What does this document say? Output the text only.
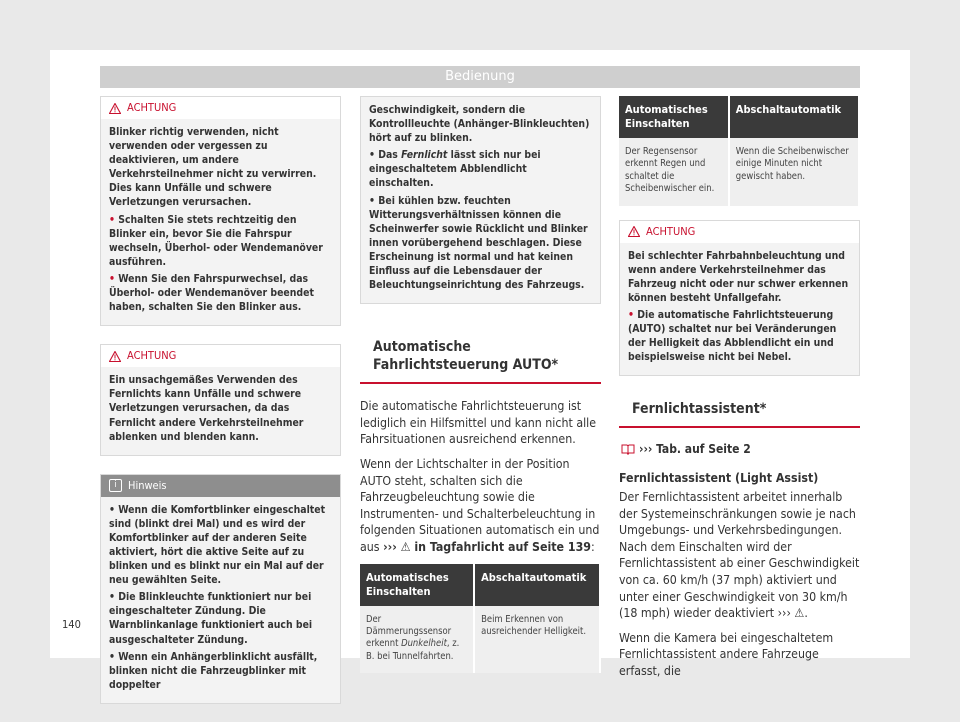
Bedienung
ACHTUNG

Blinker richtig verwenden, nicht verwenden oder vergessen zu deaktivieren, um andere Verkehrsteilnehmer nicht zu verwirren. Dies kann Unfälle und schwere Verletzungen verursachen.

• Schalten Sie stets rechtzeitig den Blinker ein, bevor Sie die Fahrspur wechseln, Überhol- oder Wendemanöver ausführen.

• Wenn Sie den Fahrspurwechsel, das Überhol- oder Wendemanöver beendet haben, schalten Sie den Blinker aus.

ACHTUNG

Ein unsachgemäßes Verwenden des Fernlichts kann Unfälle und schwere Verletzungen verursachen, da das Fernlicht andere Verkehrsteilnehmer ablenken und blenden kann.

i	Hinweis

• Wenn die Komfortblinker eingeschaltet sind (blinkt drei Mal) und es wird der Komfortblinker auf der anderen Seite aktiviert, hört die aktive Seite auf zu blinken und es blinkt nur ein Mal auf der neu gewählten Seite.

• Die Blinkleuchte funktioniert nur bei eingeschalteter Zündung. Die Warnblinkanlage funktioniert auch bei ausgeschalteter Zündung.

• Wenn ein Anhängerblinklicht ausfällt, blinken nicht die Fahrzeugblinker mit doppelter

Geschwindigkeit, sondern die Kontrollleuchte (Anhänger-Blinkleuchten) hört auf zu blinken.

• Das Fernlicht lässt sich nur bei eingeschaltetem Abblendlicht einschalten.

• Bei kühlen bzw. feuchten Witterungsverhältnissen können die Scheinwerfer sowie Rücklicht und Blinker innen vorübergehend beschlagen. Diese Erscheinung ist normal und hat keinen Einfluss auf die Lebensdauer der Beleuchtungseinrichtung des Fahrzeugs.

Automatische Fahrlichtsteuerung AUTO*

Die automatische Fahrlichtsteuerung ist lediglich ein Hilfsmittel und kann nicht alle Fahrsituationen ausreichend erkennen.

Wenn der Lichtschalter in der Position AUTO steht, schalten sich die Fahrzeugbeleuchtung sowie die Instrumenten- und Schalterbeleuchtung in folgenden Situationen automatisch ein und aus ››› ⚠ in Tagfahrlicht auf Seite 139:

Automatisches Einschalten	Abschaltautomatik
Der Dämmerungssensor erkennt Dunkelheit, z. B. bei Tunnelfahrten.	Beim Erkennen von ausreichender Helligkeit.
Automatisches Einschalten	Abschaltautomatik
Der Regensensor erkennt Regen und schaltet die Scheibenwischer ein.	Wenn die Scheibenwischer einige Minuten nicht gewischt haben.
ACHTUNG

Bei schlechter Fahrbahnbeleuchtung und wenn andere Verkehrsteilnehmer das Fahrzeug nicht oder nur schwer erkennen können besteht Unfallgefahr.

• Die automatische Fahrlichtsteuerung (AUTO) schaltet nur bei Veränderungen der Helligkeit das Abblendlicht ein und beispielsweise nicht bei Nebel.

Fernlichtassistent*
››› Tab. auf Seite 2

Fernlichtassistent (Light Assist)

Der Fernlichtassistent arbeitet innerhalb der Systemeinschränkungen sowie je nach Umgebungs- und Verkehrsbedingungen. Nach dem Einschalten wird der Fernlichtassistent ab einer Geschwindigkeit von ca. 60 km/h (37 mph) aktiviert und unter einer Geschwindigkeit von 30 km/h (18 mph) wieder deaktiviert ››› ⚠.

Wenn die Kamera bei eingeschaltetem Fernlichtassistent andere Fahrzeuge erfasst, die

140
